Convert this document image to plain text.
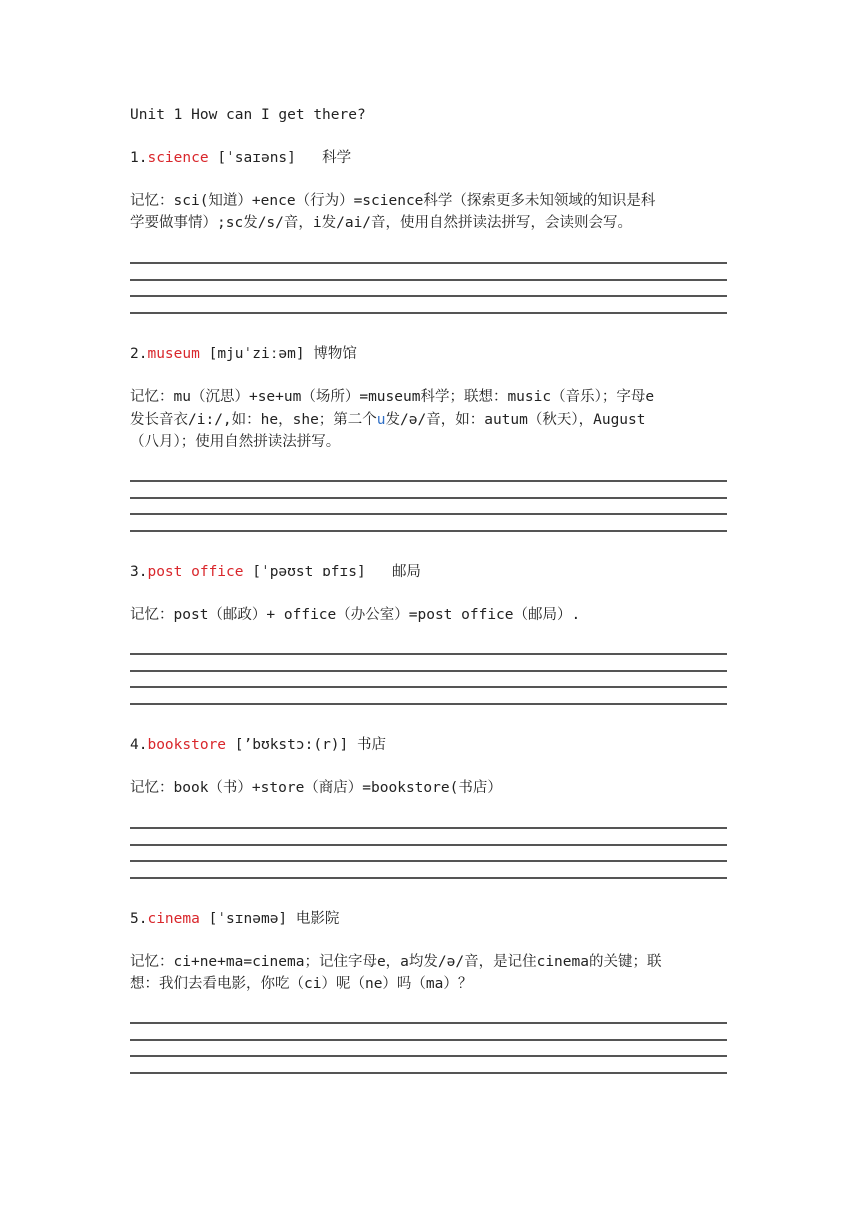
Unit 1 How can I get there?
1.science [ˈsaɪəns] 科学
记忆：sci(知道）+ence（行为）=science科学（探索更多未知领域的知识是科
学要做事情）;sc发/s/音，i发/ai/音，使用自然拼读法拼写，会读则会写。
2.museum [mjuˈziːəm] 博物馆
记忆：mu（沉思）+se+um（场所）=museum科学；联想：music（音乐）；字母e
发长音衣/i:/,如：he，she；第二个u发/ə/音，如：autum（秋天），August
（八月）；使用自然拼读法拼写。
3.post office [ˈpəʊst ɒfɪs] 邮局
记忆：post（邮政）+ office（办公室）=post office（邮局）.
4.bookstore [’bʊkstɔ:(r)] 书店
记忆：book（书）+store（商店）=bookstore(书店）
5.cinema [ˈsɪnəmə] 电影院
记忆：ci+ne+ma=cinema；记住字母e，a均发/ə/音，是记住cinema的关键；联
想：我们去看电影，你吃（ci）呢（ne）吗（ma）？
